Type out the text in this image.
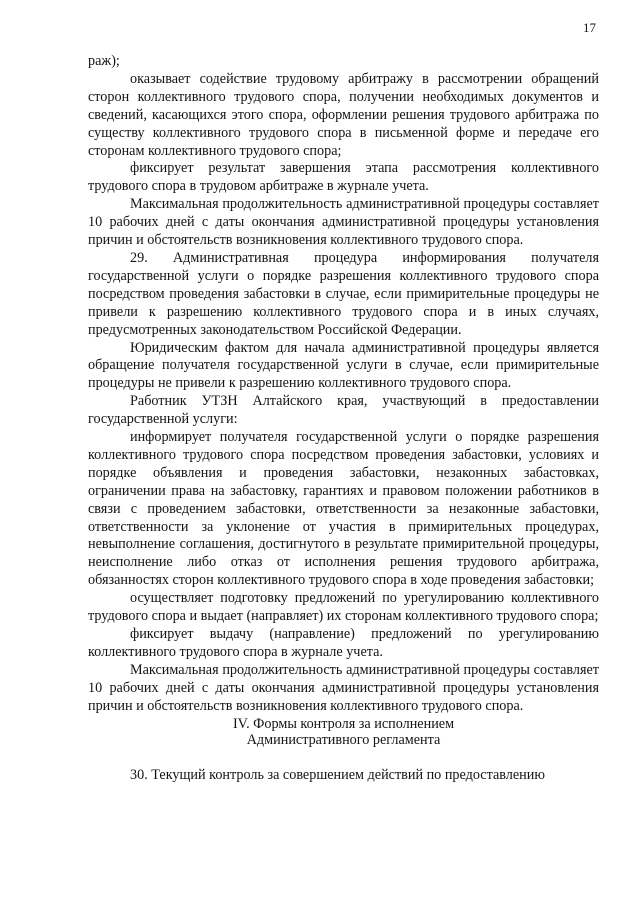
17

раж);

оказывает содействие трудовому арбитражу в рассмотрении обращений сторон коллективного трудового спора, получении необходимых документов и сведений, касающихся этого спора, оформлении решения трудового арбитража по существу коллективного трудового спора в письменной форме и передаче его сторонам коллективного трудового спора;

фиксирует результат завершения этапа рассмотрения коллективного трудового спора в трудовом арбитраже в журнале учета.

Максимальная продолжительность административной процедуры составляет 10 рабочих дней с даты окончания административной процедуры установления причин и обстоятельств возникновения коллективного трудового спора.

29. Административная процедура информирования получателя государственной услуги о порядке разрешения коллективного трудового спора посредством проведения забастовки в случае, если примирительные процедуры не привели к разрешению коллективного трудового спора и в иных случаях, предусмотренных законодательством Российской Федерации.

Юридическим фактом для начала административной процедуры является обращение получателя государственной услуги в случае, если примирительные процедуры не привели к разрешению коллективного трудового спора.

Работник УТЗН Алтайского края, участвующий в предоставлении государственной услуги:

информирует получателя государственной услуги о порядке разрешения коллективного трудового спора посредством проведения забастовки, условиях и порядке объявления и проведения забастовки, незаконных забастовках, ограничении права на забастовку, гарантиях и правовом положении работников в связи с проведением забастовки, ответственности за незаконные забастовки, ответственности за уклонение от участия в примирительных процедурах, невыполнение соглашения, достигнутого в результате примирительной процедуры, неисполнение либо отказ от исполнения решения трудового арбитража, обязанностях сторон коллективного трудового спора в ходе проведения забастовки;

осуществляет подготовку предложений по урегулированию коллективного трудового спора и выдает (направляет) их сторонам коллективного трудового спора;

фиксирует выдачу (направление) предложений по урегулированию коллективного трудового спора в журнале учета.

Максимальная продолжительность административной процедуры составляет 10 рабочих дней с даты окончания административной процедуры установления причин и обстоятельств возникновения коллективного трудового спора.

IV. Формы контроля за исполнением
Административного регламента

30. Текущий контроль за совершением действий по предоставлению
